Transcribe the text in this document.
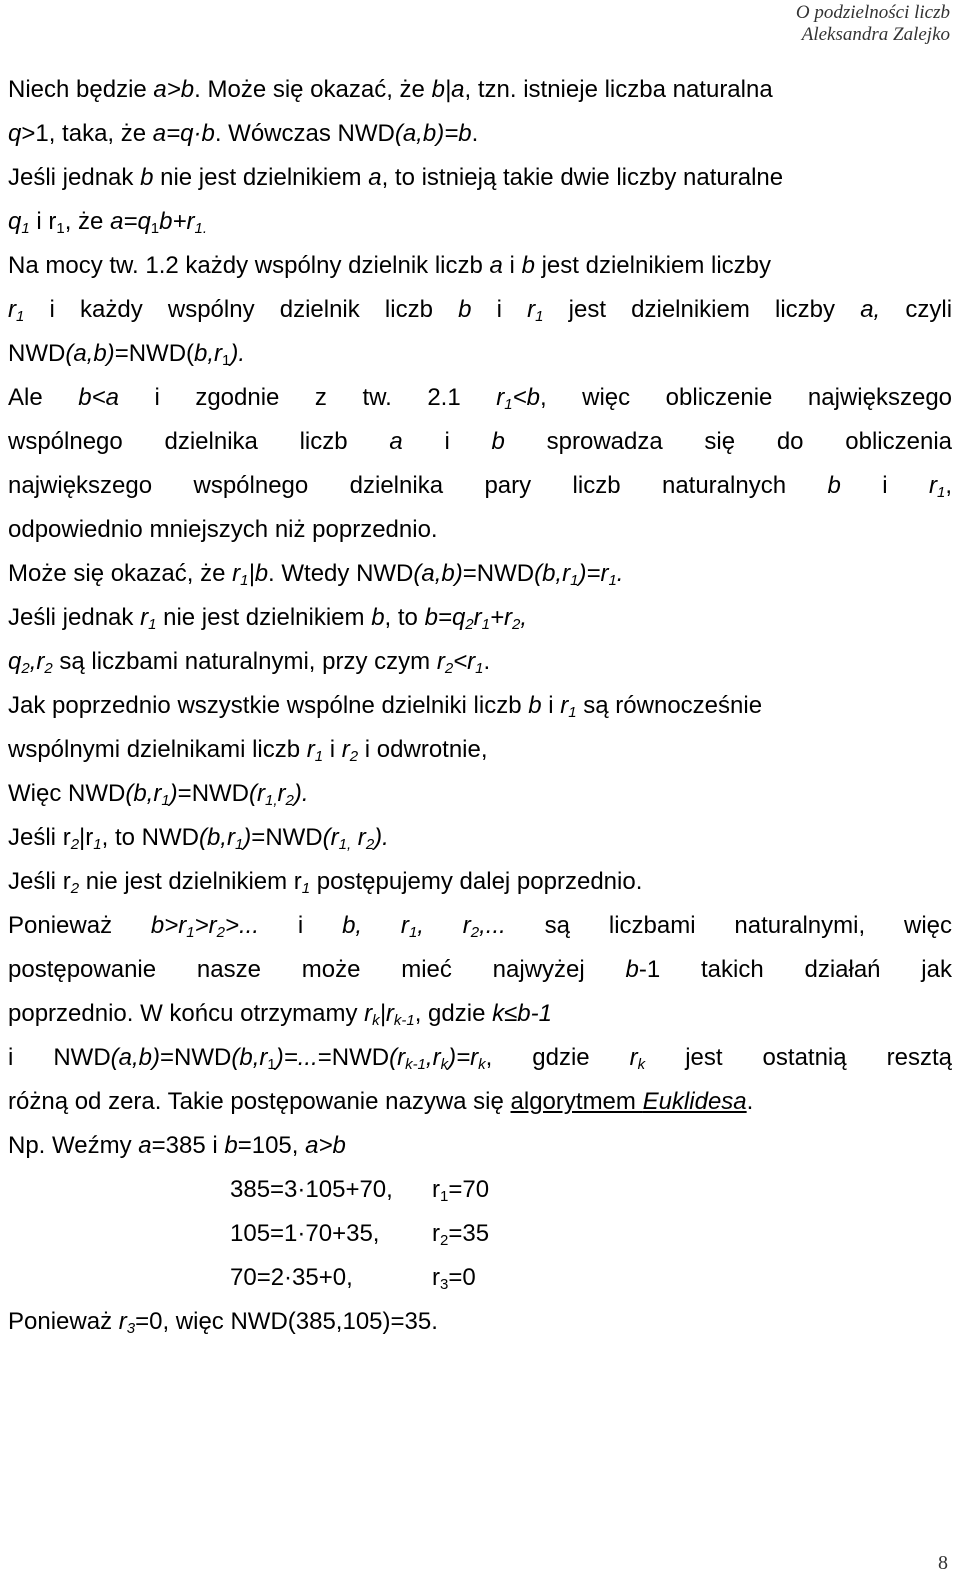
O podzielności liczb
Aleksandra Zalejko
Niech będzie a>b. Może się okazać, że b|a, tzn. istnieje liczba naturalna
q>1, taka, że a=q·b. Wówczas NWD(a,b)=b.
Jeśli jednak b nie jest dzielnikiem a, to istnieją takie dwie liczby naturalne
$q_1$ i $r_1$, że $a=q_1b+r_{1.}$
Na mocy tw. 1.2 każdy wspólny dzielnik liczb a i b jest dzielnikiem liczby
$r_1$ i każdy wspólny dzielnik liczb b i $r_1$ jest dzielnikiem liczby a, czyli
$NWD(a,b)=NWD(b,r_1)$.
Ale b<a i zgodnie z tw. 2.1 $r_1<b$, więc obliczenie największego
wspólnego dzielnika liczb a i b sprowadza się do obliczenia
największego wspólnego dzielnika pary liczb naturalnych b i $r_1$,
odpowiednio mniejszych niż poprzednio.
Może się okazać, że $r_1|b$. Wtedy $NWD(a,b)=NWD(b,r_1)=r_1$.
Jeśli jednak $r_1$ nie jest dzielnikiem b, to $b=q_2r_1+r_2$,
$q_2,r_2$ są liczbami naturalnymi, przy czym $r_2<r_1$.
Jak poprzednio wszystkie wspólne dzielniki liczb b i $r_1$ są równocześnie
wspólnymi dzielnikami liczb $r_1$ i $r_2$ i odwrotnie,
Więc $NWD(b,r_1)=NWD(r_{1,}r_2)$.
Jeśli $r_2|r_1$, to $NWD(b,r_1)=NWD(r_{1,}$ $r_2$).
Jeśli $r_2$ nie jest dzielnikiem $r_1$ postępujemy dalej poprzednio.
Ponieważ $b>r_1>r_2>$... i b, $r_1$, $r_2$,... są liczbami naturalnymi, więc
postępowanie nasze może mieć najwyżej b-1 takich działań jak
poprzednio. W końcu otrzymamy $r_k|r_{k-1}$, gdzie k≤b-1
i $NWD(a,b)=NWD(b,r_1)=...=NWD(r_{k-1},r_k)=r_k$, gdzie $r_k$ jest ostatnią resztą
różną od zera. Takie postępowanie nazywa się algorytmem Euklidesa.
Np. Weźmy a=385 i b=105, a>b
385=3·105+70, $r_1=70$
105=1·70+35, $r_2=35$
70=2·35+0,	$r_3=0$
Ponieważ $r_3=0$, więc NWD(385,105)=35.
8
